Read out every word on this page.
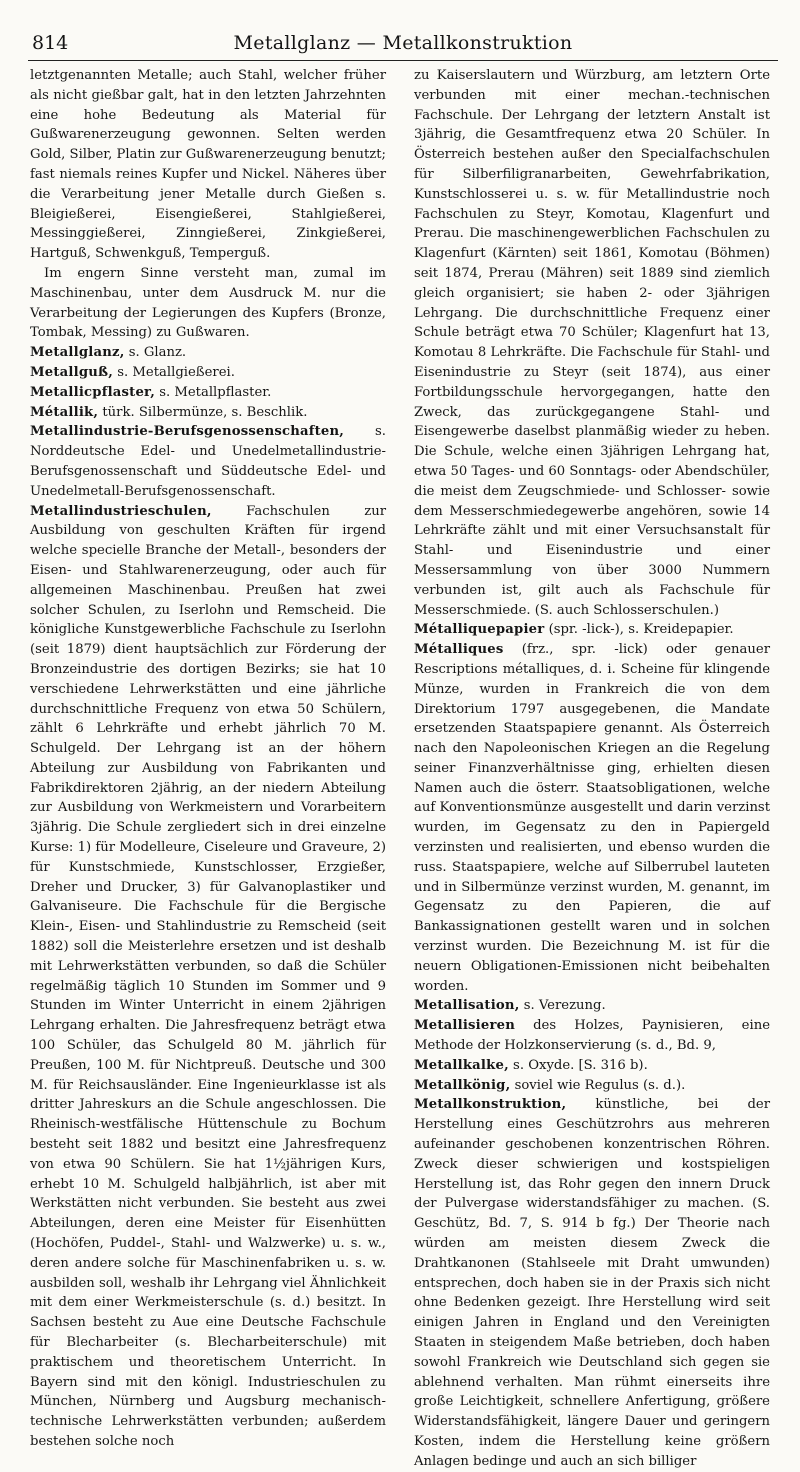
814	Metallglanz — Metallkonstruktion

letztgenannten Metalle; auch Stahl, welcher früher als nicht gießbar galt, hat in den letzten Jahrzehnten eine hohe Bedeutung als Material für Gußwarenerzeugung gewonnen. Selten werden Gold, Silber, Platin zur Gußwarenerzeugung benutzt; fast niemals reines Kupfer und Nickel. Näheres über die Verarbeitung jener Metalle durch Gießen s. Bleigießerei, Eisengießerei, Stahlgießerei, Messinggießerei, Zinngießerei, Zinkgießerei, Hartguß, Schwenkguß, Temperguß.

Im engern Sinne versteht man, zumal im Maschinenbau, unter dem Ausdruck M. nur die Verarbeitung der Legierungen des Kupfers (Bronze, Tombak, Messing) zu Gußwaren.

Metallglanz, s. Glanz.

Metallguß, s. Metallgießerei.

Metallicpflaster, s. Metallpflaster.

Métallik, türk. Silbermünze, s. Beschlik.

Metallindustrie-Berufsgenossenschaften, s. Norddeutsche Edel- und Unedelmetallindustrie-Berufsgenossenschaft und Süddeutsche Edel- und Unedelmetall-Berufsgenossenschaft.

Metallindustrieschulen, Fachschulen zur Ausbildung von geschulten Kräften für irgend welche specielle Branche der Metall-, besonders der Eisen- und Stahlwarenerzeugung, oder auch für allgemeinen Maschinenbau. Preußen hat zwei solcher Schulen, zu Iserlohn und Remscheid. Die königliche Kunstgewerbliche Fachschule zu Iserlohn (seit 1879) dient hauptsächlich zur Förderung der Bronzeindustrie des dortigen Bezirks; sie hat 10 verschiedene Lehrwerkstätten und eine jährliche durchschnittliche Frequenz von etwa 50 Schülern, zählt 6 Lehrkräfte und erhebt jährlich 70 M. Schulgeld. Der Lehrgang ist an der höhern Abteilung zur Ausbildung von Fabrikanten und Fabrikdirektoren 2jährig, an der niedern Abteilung zur Ausbildung von Werkmeistern und Vorarbeitern 3jährig. Die Schule zergliedert sich in drei einzelne Kurse: 1) für Modelleure, Ciseleure und Graveure, 2) für Kunstschmiede, Kunstschlosser, Erzgießer, Dreher und Drucker, 3) für Galvanoplastiker und Galvaniseure. Die Fachschule für die Bergische Klein-, Eisen- und Stahlindustrie zu Remscheid (seit 1882) soll die Meisterlehre ersetzen und ist deshalb mit Lehrwerkstätten verbunden, so daß die Schüler regelmäßig täglich 10 Stunden im Sommer und 9 Stunden im Winter Unterricht in einem 2jährigen Lehrgang erhalten. Die Jahresfrequenz beträgt etwa 100 Schüler, das Schulgeld 80 M. jährlich für Preußen, 100 M. für Nichtpreuß. Deutsche und 300 M. für Reichsausländer. Eine Ingenieurklasse ist als dritter Jahreskurs an die Schule angeschlossen. Die Rheinisch-westfälische Hüttenschule zu Bochum besteht seit 1882 und besitzt eine Jahresfrequenz von etwa 90 Schülern. Sie hat 1½jährigen Kurs, erhebt 10 M. Schulgeld halbjährlich, ist aber mit Werkstätten nicht verbunden. Sie besteht aus zwei Abteilungen, deren eine Meister für Eisenhütten (Hochöfen, Puddel-, Stahl- und Walzwerke) u. s. w., deren andere solche für Maschinenfabriken u. s. w. ausbilden soll, weshalb ihr Lehrgang viel Ähnlichkeit mit dem einer Werkmeisterschule (s. d.) besitzt. In Sachsen besteht zu Aue eine Deutsche Fachschule für Blecharbeiter (s. Blecharbeiterschule) mit praktischem und theoretischem Unterricht. In Bayern sind mit den königl. Industrieschulen zu München, Nürnberg und Augsburg mechanisch-technische Lehrwerkstätten verbunden; außerdem bestehen solche noch

zu Kaiserslautern und Würzburg, am letztern Orte verbunden mit einer mechan.-technischen Fachschule. Der Lehrgang der letztern Anstalt ist 3jährig, die Gesamtfrequenz etwa 20 Schüler. In Österreich bestehen außer den Specialfachschulen für Silberfiligranarbeiten, Gewehrfabrikation, Kunstschlosserei u. s. w. für Metallindustrie noch Fachschulen zu Steyr, Komotau, Klagenfurt und Prerau. Die maschinengewerblichen Fachschulen zu Klagenfurt (Kärnten) seit 1861, Komotau (Böhmen) seit 1874, Prerau (Mähren) seit 1889 sind ziemlich gleich organisiert; sie haben 2- oder 3jährigen Lehrgang. Die durchschnittliche Frequenz einer Schule beträgt etwa 70 Schüler; Klagenfurt hat 13, Komotau 8 Lehrkräfte. Die Fachschule für Stahl- und Eisenindustrie zu Steyr (seit 1874), aus einer Fortbildungsschule hervorgegangen, hatte den Zweck, das zurückgegangene Stahl- und Eisengewerbe daselbst planmäßig wieder zu heben. Die Schule, welche einen 3jährigen Lehrgang hat, etwa 50 Tages- und 60 Sonntags- oder Abendschüler, die meist dem Zeugschmiede- und Schlosser- sowie dem Messerschmiedegewerbe angehören, sowie 14 Lehrkräfte zählt und mit einer Versuchsanstalt für Stahl- und Eisenindustrie und einer Messersammlung von über 3000 Nummern verbunden ist, gilt auch als Fachschule für Messerschmiede. (S. auch Schlosserschulen.)

Métalliquepapier (spr. -lick-), s. Kreidepapier.

Métalliques (frz., spr. -lick) oder genauer Rescriptions métalliques, d. i. Scheine für klingende Münze, wurden in Frankreich die von dem Direktorium 1797 ausgegebenen, die Mandate ersetzenden Staatspapiere genannt. Als Österreich nach den Napoleonischen Kriegen an die Regelung seiner Finanzverhältnisse ging, erhielten diesen Namen auch die österr. Staatsobligationen, welche auf Konventionsmünze ausgestellt und darin verzinst wurden, im Gegensatz zu den in Papiergeld verzinsten und realisierten, und ebenso wurden die russ. Staatspapiere, welche auf Silberrubel lauteten und in Silbermünze verzinst wurden, M. genannt, im Gegensatz zu den Papieren, die auf Bankassignationen gestellt waren und in solchen verzinst wurden. Die Bezeichnung M. ist für die neuern Obligationen-Emissionen nicht beibehalten worden.

Metallisation, s. Verezung.

Metallisieren des Holzes, Paynisieren, eine Methode der Holzkonservierung (s. d., Bd. 9,

Metallkalke, s. Oxyde. [S. 316 b).

Metallkönig, soviel wie Regulus (s. d.).

Metallkonstruktion, künstliche, bei der Herstellung eines Geschützrohrs aus mehreren aufeinander geschobenen konzentrischen Röhren. Zweck dieser schwierigen und kostspieligen Herstellung ist, das Rohr gegen den innern Druck der Pulvergase widerstandsfähiger zu machen. (S. Geschütz, Bd. 7, S. 914 b fg.) Der Theorie nach würden am meisten diesem Zweck die Drahtkanonen (Stahlseele mit Draht umwunden) entsprechen, doch haben sie in der Praxis sich nicht ohne Bedenken gezeigt. Ihre Herstellung wird seit einigen Jahren in England und den Vereinigten Staaten in steigendem Maße betrieben, doch haben sowohl Frankreich wie Deutschland sich gegen sie ablehnend verhalten. Man rühmt einerseits ihre große Leichtigkeit, schnellere Anfertigung, größere Widerstandsfähigkeit, längere Dauer und geringern Kosten, indem die Herstellung keine größern Anlagen bedinge und auch an sich billiger
